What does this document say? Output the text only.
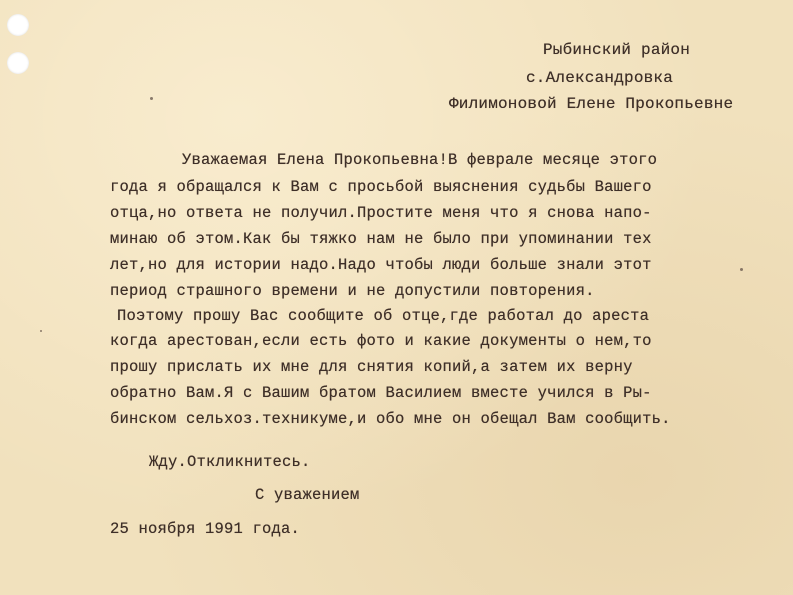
Рыбинский район
с.Александровка
Филимоновой Елене Прокопьевне
Уважаемая Елена Прокопьевна!В феврале месяце этого
года я обращался к Вам с просьбой выяснения судьбы Вашего
отца,но ответа не получил.Простите меня что я снова напо-
минаю об этом.Как бы тяжко нам не было при упоминании тех
лет,но для истории надо.Надо чтобы люди больше знали этот
период страшного времени и не допустили повторения.
Поэтому прошу Вас сообщите об отце,где работал до ареста
когда арестован,если есть фото и какие документы о нем,то
прошу прислать их мне для снятия копий,а затем их верну
обратно Вам.Я с Вашим братом Василием вместе учился в Ры-
бинском сельхоз.техникуме,и обо мне он обещал Вам сообщить.
Жду.Откликнитесь.
С уважением
25 ноября 1991 года.
